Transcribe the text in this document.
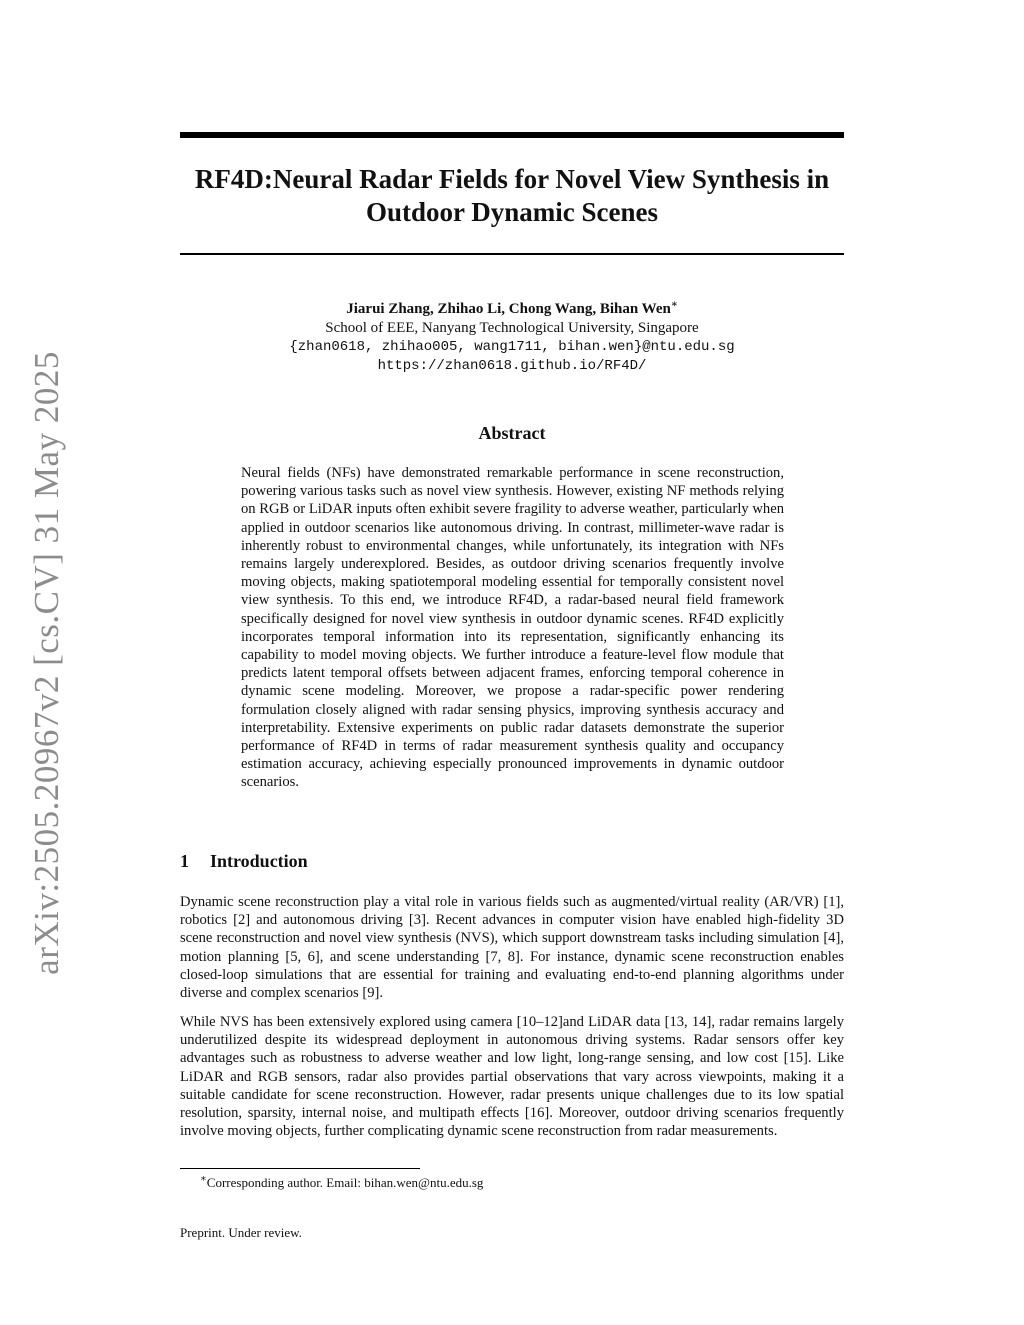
arXiv:2505.20967v2 [cs.CV] 31 May 2025
RF4D:Neural Radar Fields for Novel View Synthesis in
Outdoor Dynamic Scenes
Jiarui Zhang, Zhihao Li, Chong Wang, Bihan Wen∗
School of EEE, Nanyang Technological University, Singapore
{zhan0618, zhihao005, wang1711, bihan.wen}@ntu.edu.sg
https://zhan0618.github.io/RF4D/
Abstract

Neural fields (NFs) have demonstrated remarkable performance in scene reconstruction, powering various tasks such as novel view synthesis. However, existing NF methods relying on RGB or LiDAR inputs often exhibit severe fragility to adverse weather, particularly when applied in outdoor scenarios like autonomous driving. In contrast, millimeter-wave radar is inherently robust to environmental changes, while unfortunately, its integration with NFs remains largely underexplored. Besides, as outdoor driving scenarios frequently involve moving objects, making spatiotemporal modeling essential for temporally consistent novel view synthesis. To this end, we introduce RF4D, a radar-based neural field framework specifically designed for novel view synthesis in outdoor dynamic scenes. RF4D explicitly incorporates temporal information into its representation, significantly enhancing its capability to model moving objects. We further introduce a feature-level flow module that predicts latent temporal offsets between adjacent frames, enforcing temporal coherence in dynamic scene modeling. Moreover, we propose a radar-specific power rendering formulation closely aligned with radar sensing physics, improving synthesis accuracy and interpretability. Extensive experiments on public radar datasets demonstrate the superior performance of RF4D in terms of radar measurement synthesis quality and occupancy estimation accuracy, achieving especially pronounced improvements in dynamic outdoor scenarios.

1 Introduction

Dynamic scene reconstruction play a vital role in various fields such as augmented/virtual reality (AR/VR) [1], robotics [2] and autonomous driving [3]. Recent advances in computer vision have enabled high-fidelity 3D scene reconstruction and novel view synthesis (NVS), which support downstream tasks including simulation [4], motion planning [5, 6], and scene understanding [7, 8]. For instance, dynamic scene reconstruction enables closed-loop simulations that are essential for training and evaluating end-to-end planning algorithms under diverse and complex scenarios [9].

While NVS has been extensively explored using camera [10–12]and LiDAR data [13, 14], radar remains largely underutilized despite its widespread deployment in autonomous driving systems. Radar sensors offer key advantages such as robustness to adverse weather and low light, long-range sensing, and low cost [15]. Like LiDAR and RGB sensors, radar also provides partial observations that vary across viewpoints, making it a suitable candidate for scene reconstruction. However, radar presents unique challenges due to its low spatial resolution, sparsity, internal noise, and multipath effects [16]. Moreover, outdoor driving scenarios frequently involve moving objects, further complicating dynamic scene reconstruction from radar measurements.

∗Corresponding author. Email: bihan.wen@ntu.edu.sg
Preprint. Under review.
